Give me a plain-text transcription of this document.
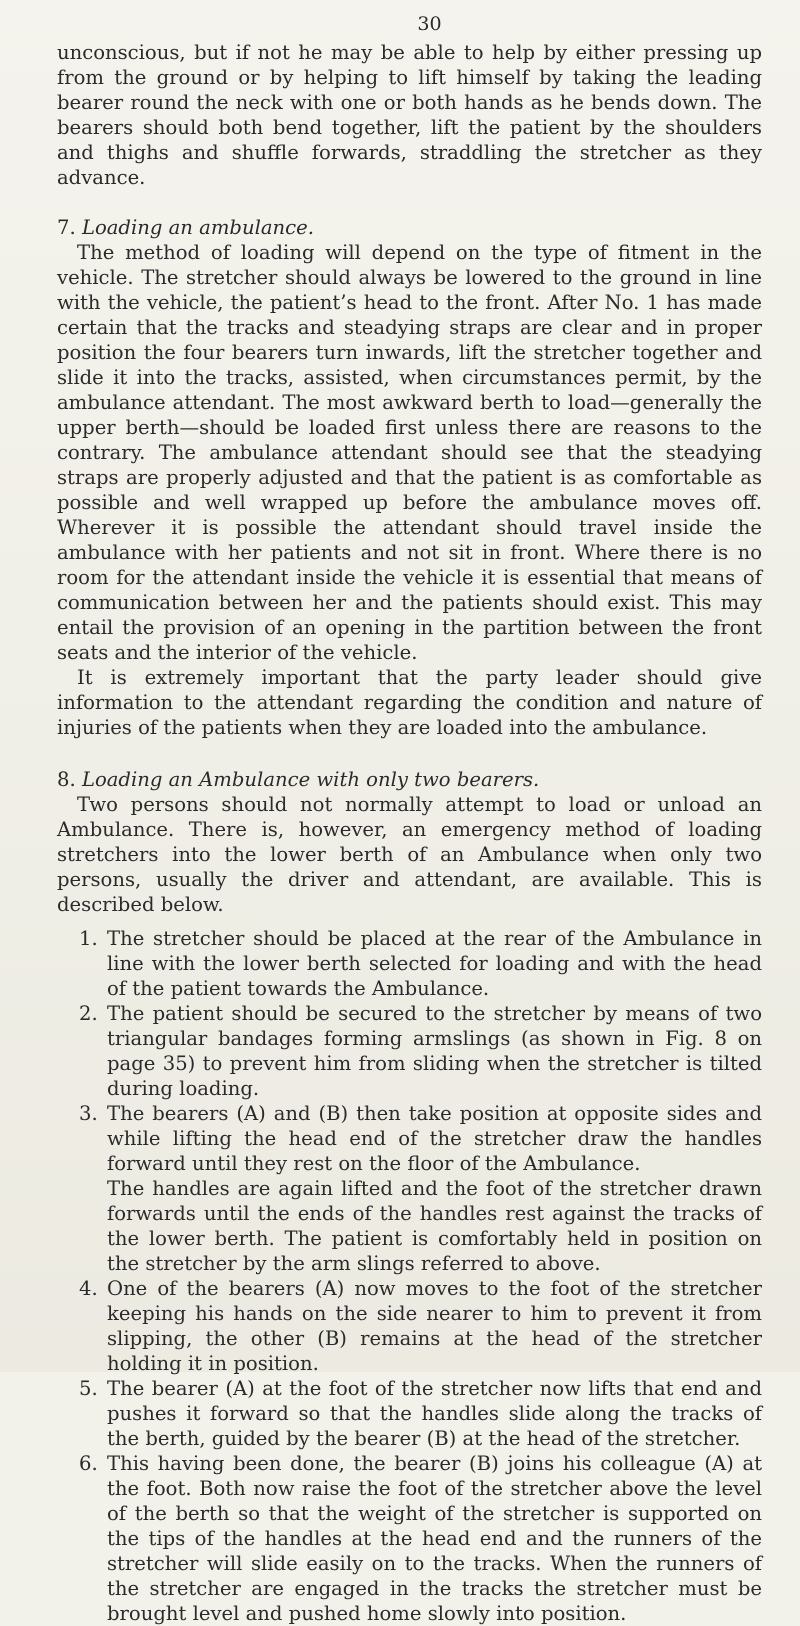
30

unconscious, but if not he may be able to help by either pressing up from the ground or by helping to lift himself by taking the leading bearer round the neck with one or both hands as he bends down. The bearers should both bend together, lift the patient by the shoulders and thighs and shuffle forwards, straddling the stretcher as they advance.

7. Loading an ambulance.

The method of loading will depend on the type of fitment in the vehicle. The stretcher should always be lowered to the ground in line with the vehicle, the patient’s head to the front. After No. 1 has made certain that the tracks and steadying straps are clear and in proper position the four bearers turn inwards, lift the stretcher together and slide it into the tracks, assisted, when circumstances permit, by the ambulance attendant. The most awkward berth to load—generally the upper berth—should be loaded first unless there are reasons to the contrary. The ambulance attendant should see that the steadying straps are properly adjusted and that the patient is as comfortable as possible and well wrapped up before the ambulance moves off. Wherever it is possible the attendant should travel inside the ambulance with her patients and not sit in front. Where there is no room for the attendant inside the vehicle it is essential that means of communication between her and the patients should exist. This may entail the provision of an opening in the partition between the front seats and the interior of the vehicle.

It is extremely important that the party leader should give information to the attendant regarding the condition and nature of injuries of the patients when they are loaded into the ambulance.

8. Loading an Ambulance with only two bearers.

Two persons should not normally attempt to load or unload an Ambulance. There is, however, an emergency method of loading stretchers into the lower berth of an Ambulance when only two persons, usually the driver and attendant, are available. This is described below.

1. The stretcher should be placed at the rear of the Ambulance in line with the lower berth selected for loading and with the head of the patient towards the Ambulance.

2. The patient should be secured to the stretcher by means of two triangular bandages forming armslings (as shown in Fig. 8 on page 35) to prevent him from sliding when the stretcher is tilted during loading.

3. The bearers (A) and (B) then take position at opposite sides and while lifting the head end of the stretcher draw the handles forward until they rest on the floor of the Ambulance.

The handles are again lifted and the foot of the stretcher drawn forwards until the ends of the handles rest against the tracks of the lower berth. The patient is comfortably held in position on the stretcher by the arm slings referred to above.

4. One of the bearers (A) now moves to the foot of the stretcher keeping his hands on the side nearer to him to prevent it from slipping, the other (B) remains at the head of the stretcher holding it in position.

5. The bearer (A) at the foot of the stretcher now lifts that end and pushes it forward so that the handles slide along the tracks of the berth, guided by the bearer (B) at the head of the stretcher.

6. This having been done, the bearer (B) joins his colleague (A) at the foot. Both now raise the foot of the stretcher above the level of the berth so that the weight of the stretcher is supported on the tips of the handles at the head end and the runners of the stretcher will slide easily on to the tracks. When the runners of the stretcher are engaged in the tracks the stretcher must be brought level and pushed home slowly into position.
